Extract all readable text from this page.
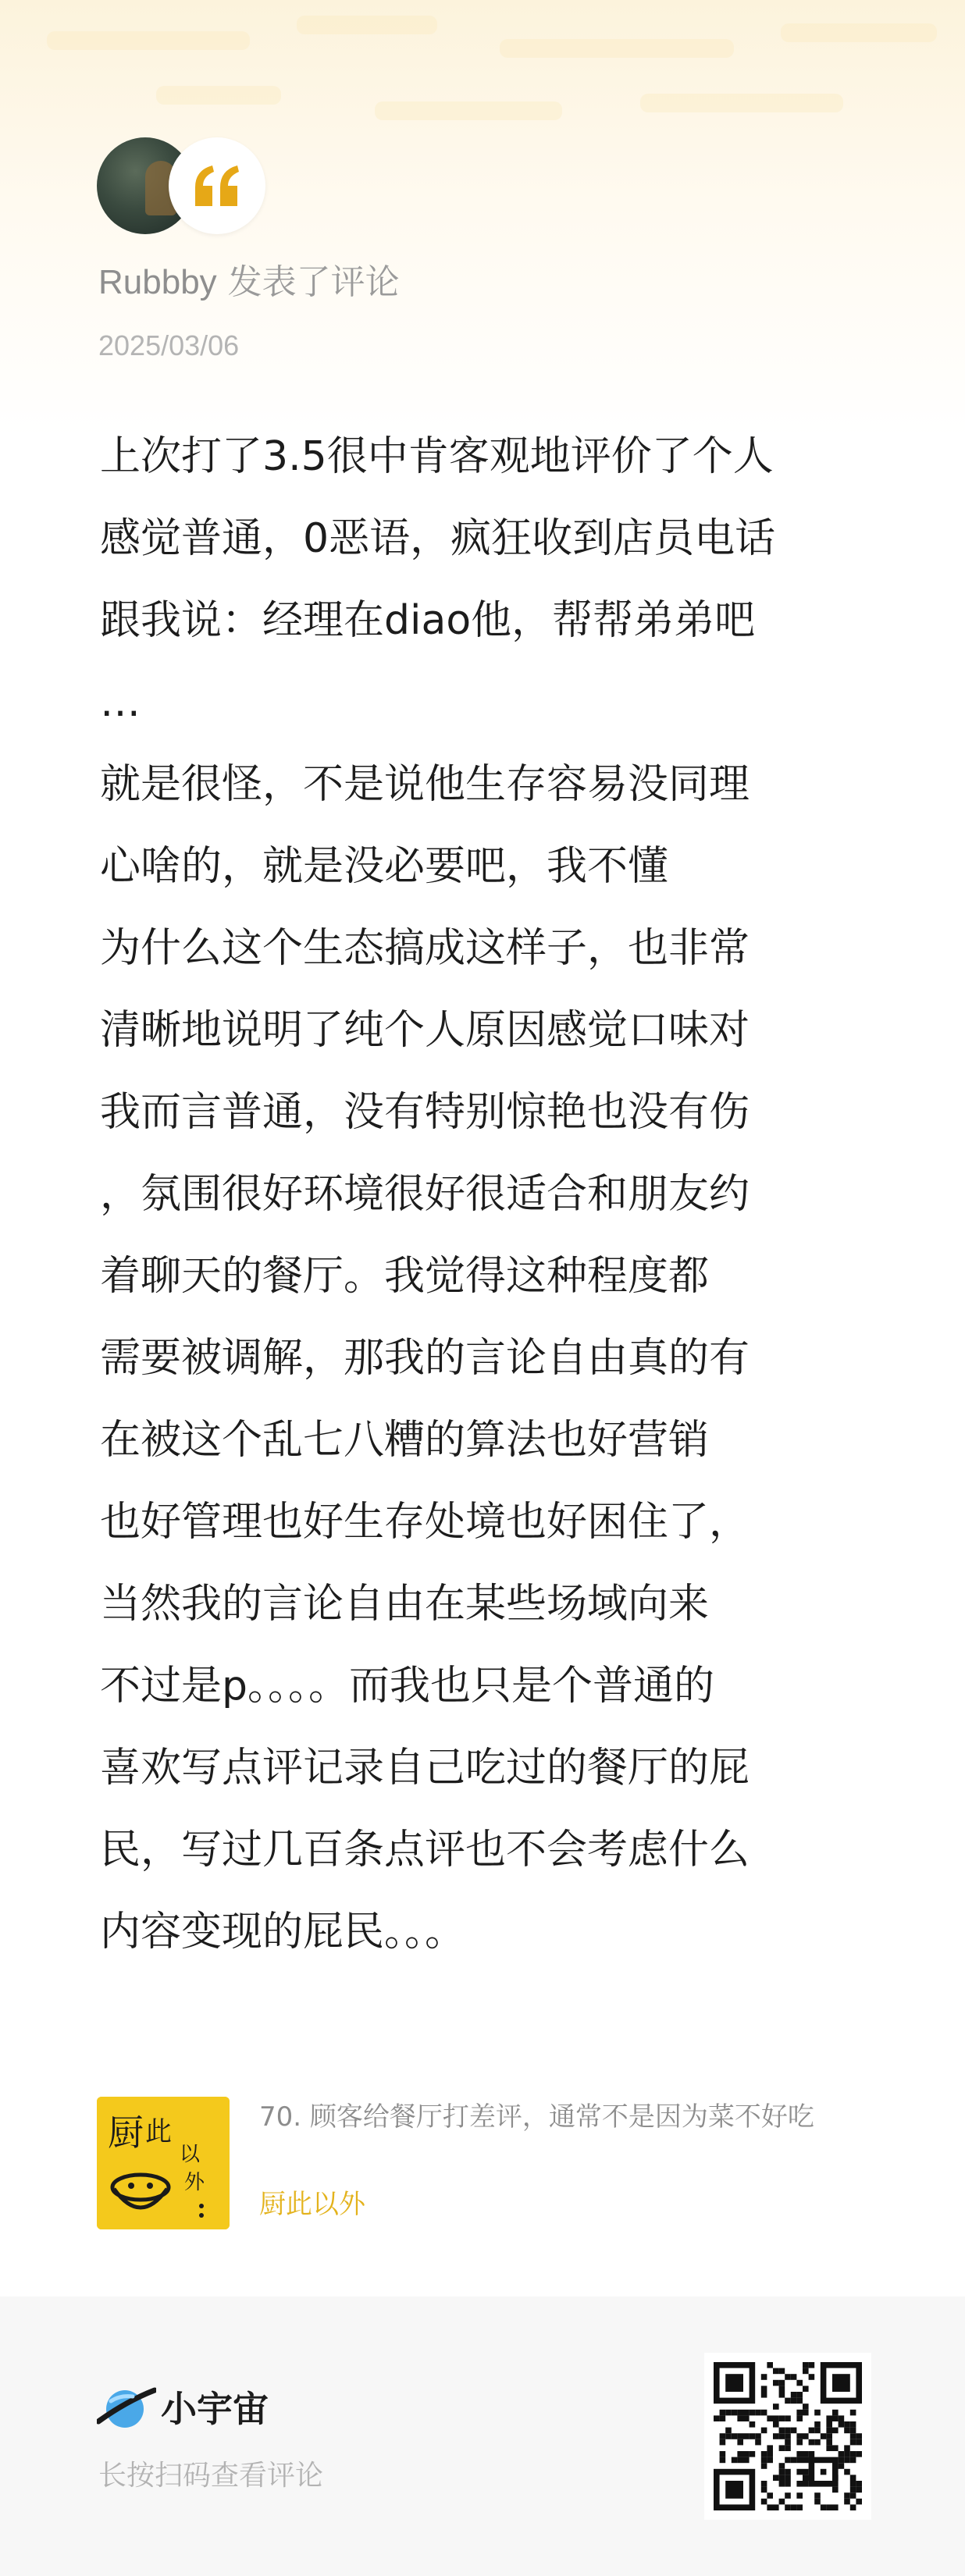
Rubbby 发表了评论
2025/03/06
上次打了3.5很中肯客观地评价了个人
感觉普通，0恶语，疯狂收到店员电话
跟我说：经理在diao他，帮帮弟弟吧
…
就是很怪，不是说他生存容易没同理
心啥的，就是没必要吧，我不懂
为什么这个生态搞成这样子，也非常
清晰地说明了纯个人原因感觉口味对
我而言普通，没有特别惊艳也没有伤
，氛围很好环境很好很适合和朋友约
着聊天的餐厅。我觉得这种程度都
需要被调解，那我的言论自由真的有
在被这个乱七八糟的算法也好营销
也好管理也好生存处境也好困住了，
当然我的言论自由在某些场域向来
不过是p。。。。而我也只是个普通的
喜欢写点评记录自己吃过的餐厅的屁
民，写过几百条点评也不会考虑什么
内容变现的屁民。。。
厨 此
以
外
70. 顾客给餐厅打差评，通常不是因为菜不好吃
厨此以外
小宇宙
长按扫码查看评论
